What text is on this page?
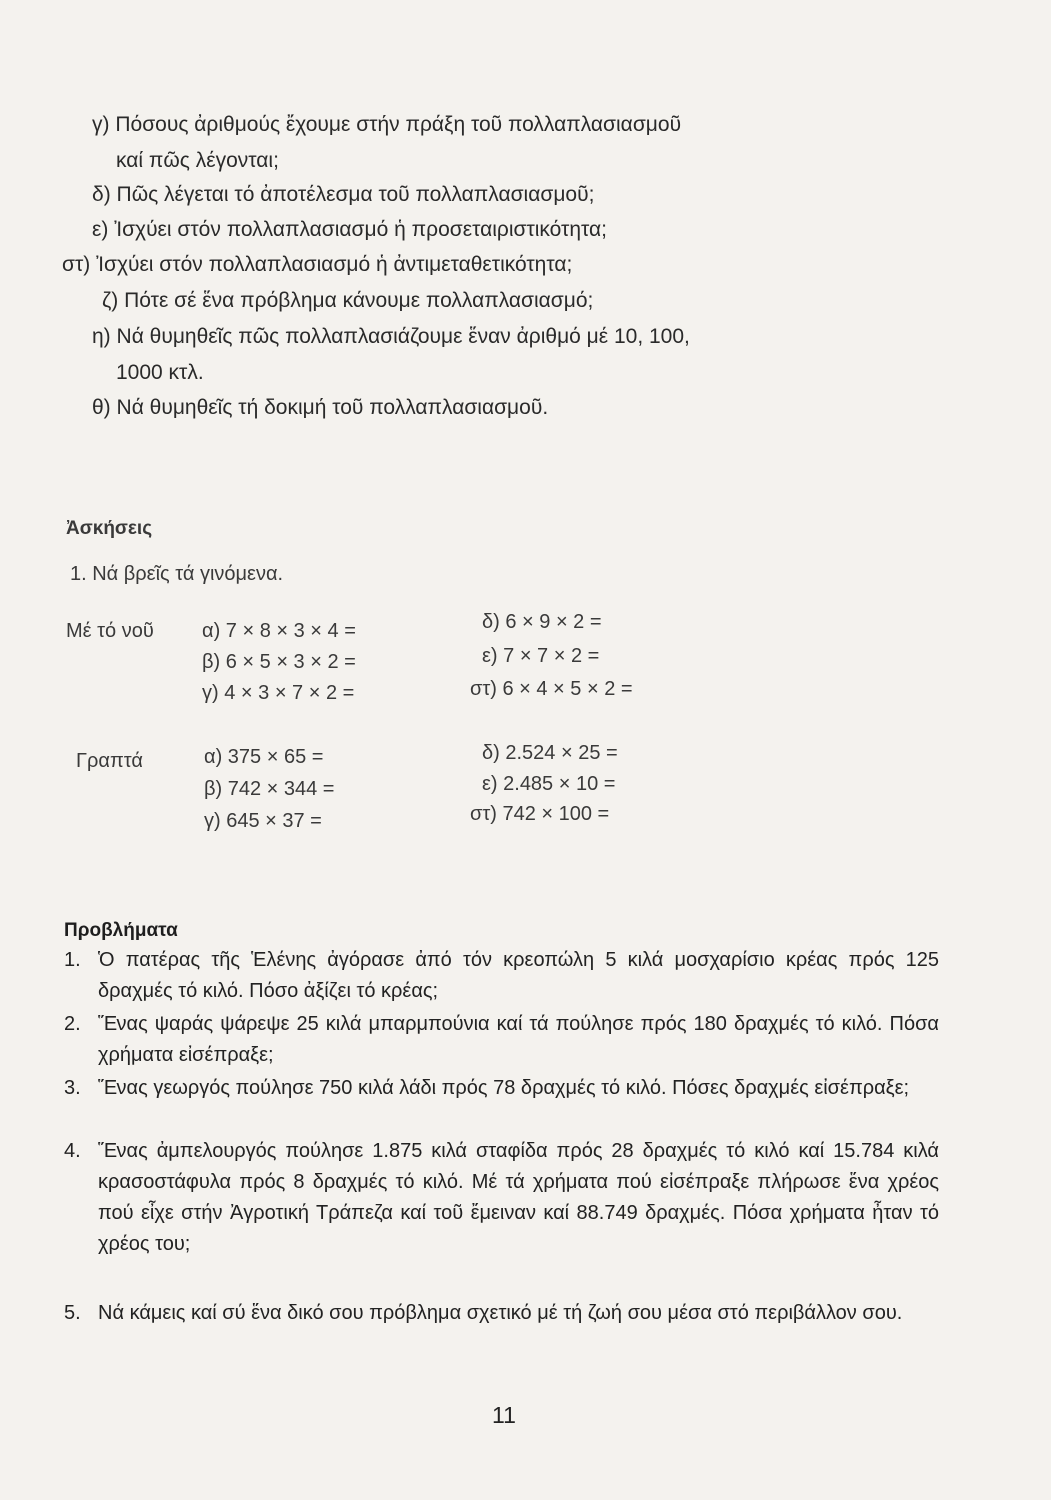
γ) Πόσους ἀριθμούς ἔχουμε στήν πράξη τοῦ πολλαπλασιασμοῦ
καί πῶς λέγονται;
δ) Πῶς λέγεται τό ἀποτέλεσμα τοῦ πολλαπλασιασμοῦ;
ε) Ἰσχύει στόν πολλαπλασιασμό ἡ προσεταιριστικότητα;
στ) Ἰσχύει στόν πολλαπλασιασμό ἡ ἀντιμεταθετικότητα;
ζ) Πότε σέ ἕνα πρόβλημα κάνουμε πολλαπλασιασμό;
η) Νά θυμηθεῖς πῶς πολλαπλασιάζουμε ἕναν ἀριθμό μέ 10, 100,
1000 κτλ.
θ) Νά θυμηθεῖς τή δοκιμή τοῦ πολλαπλασιασμοῦ.
Ἀσκήσεις
1. Νά βρεῖς τά γινόμενα.
Μέ τό νοῦ α) 7 × 8 × 3 × 4 =
β) 6 × 5 × 3 × 2 =
γ) 4 × 3 × 7 × 2 =
δ) 6 × 9 × 2 =
ε) 7 × 7 × 2 =
στ) 6 × 4 × 5 × 2 =
Γραπτά	α) 375 × 65 =
β) 742 × 344 =
γ) 645 × 37 =
δ) 2.524 × 25 =
ε) 2.485 × 10 =
στ) 742 × 100 =
Προβλήματα
1. Ὁ πατέρας τῆς Ἑλένης ἀγόρασε ἀπό τόν κρεοπώλη 5 κιλά μοσχαρίσιο κρέας πρός 125 δραχμές τό κιλό. Πόσο ἀξίζει τό κρέας;
2. Ἕνας ψαράς ψάρεψε 25 κιλά μπαρμπούνια καί τά πούλησε πρός 180 δραχμές τό κιλό. Πόσα χρήματα εἰσέπραξε;
3. Ἕνας γεωργός πούλησε 750 κιλά λάδι πρός 78 δραχμές τό κιλό. Πόσες δραχμές εἰσέπραξε;
4. Ἕνας ἀμπελουργός πούλησε 1.875 κιλά σταφίδα πρός 28 δραχμές τό κιλό καί 15.784 κιλά κρασοστάφυλα πρός 8 δραχμές τό κιλό. Μέ τά χρήματα πού εἰσέπραξε πλήρωσε ἕνα χρέος πού εἶχε στήν Ἀγροτική Τράπεζα καί τοῦ ἔμειναν καί 88.749 δραχμές. Πόσα χρήματα ἦταν τό χρέος του;
5. Νά κάμεις καί σύ ἕνα δικό σου πρόβλημα σχετικό μέ τή ζωή σου μέσα στό περιβάλλον σου.
11
